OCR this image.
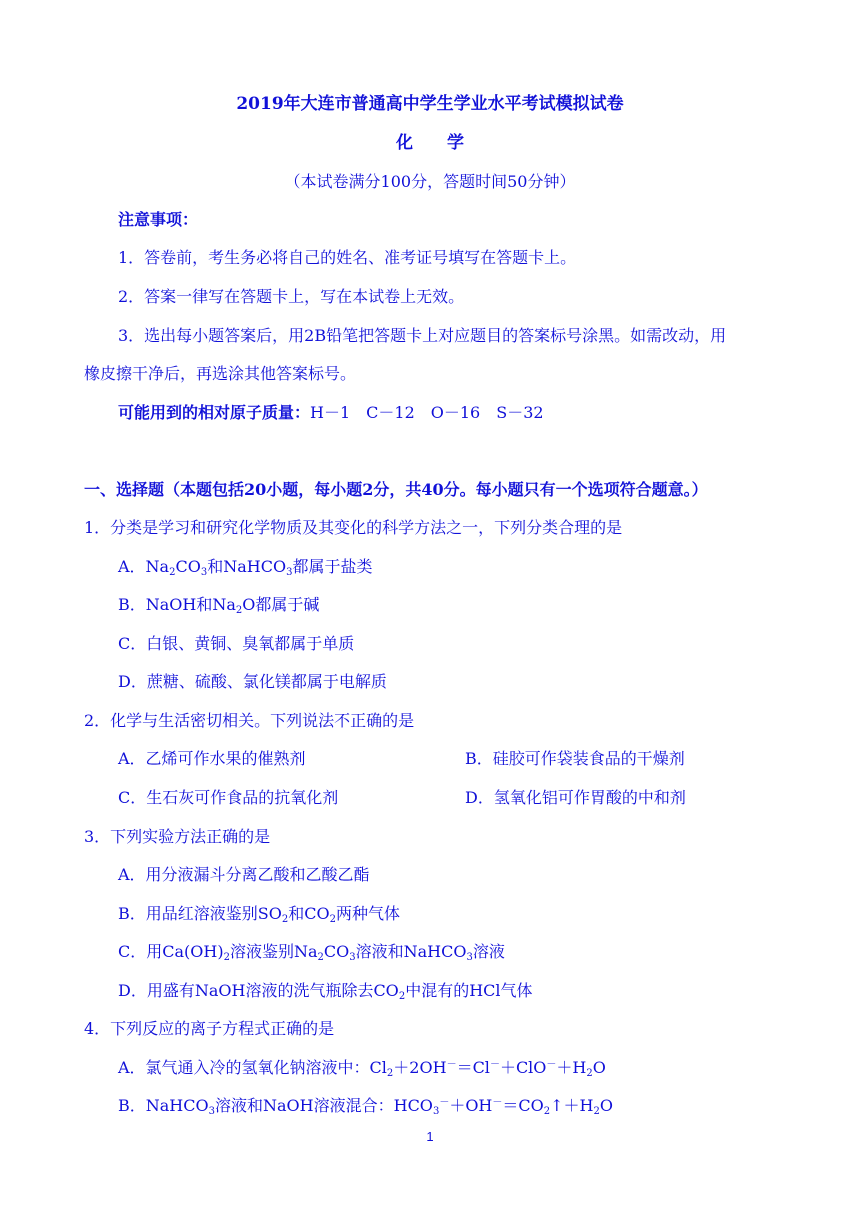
2019年大连市普通高中学生学业水平考试模拟试卷
化　　学
（本试卷满分100分，答题时间50分钟）
注意事项：
1．答卷前，考生务必将自己的姓名、准考证号填写在答题卡上。
2．答案一律写在答题卡上，写在本试卷上无效。
3．选出每小题答案后，用2B铅笔把答题卡上对应题目的答案标号涂黑。如需改动，用
橡皮擦干净后，再选涂其他答案标号。
可能用到的相对原子质量：H－1　C－12　O－16　S－32
一、选择题（本题包括20小题，每小题2分，共40分。每小题只有一个选项符合题意。）
1．分类是学习和研究化学物质及其变化的科学方法之一，下列分类合理的是
A．$Na_2CO_3$和NaHCO$_3$都属于盐类
B．NaOH和$Na_2O$都属于碱
C．白银、黄铜、臭氧都属于单质
D．蔗糖、硫酸、氯化镁都属于电解质
2．化学与生活密切相关。下列说法不正确的是
A．乙烯可作水果的催熟剂	B．硅胶可作袋装食品的干燥剂
C．生石灰可作食品的抗氧化剂	D．氢氧化铝可作胃酸的中和剂
3．下列实验方法正确的是
A．用分液漏斗分离乙酸和乙酸乙酯
B．用品红溶液鉴别$SO_2$和$CO_2$两种气体
C．用$Ca(OH)_2$溶液鉴别$Na_2CO_3$溶液和NaHCO$_3$溶液
D．用盛有NaOH溶液的洗气瓶除去$CO_2$中混有的HCl气体
4．下列反应的离子方程式正确的是
A．氯气通入冷的氢氧化钠溶液中：$Cl_2+2OH^-=Cl^-+ClO^-+H_2O$
B．NaHCO$_3$溶液和NaOH溶液混合：$HCO_3^-+OH^-=CO_2↑+H_2O$
1
